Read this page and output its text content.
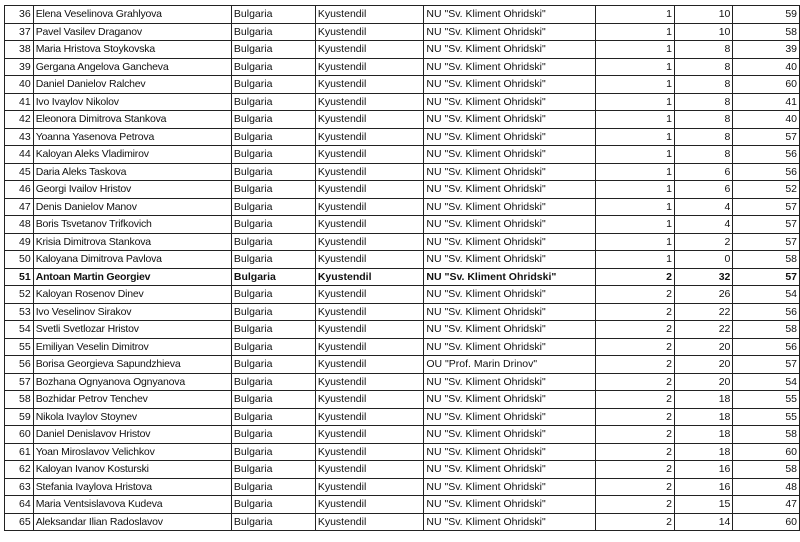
36	Elena Veselinova Grahlyova	Bulgaria	Kyustendil	NU "Sv. Kliment Ohridski"	1	10	59
37	Pavel Vasilev Draganov	Bulgaria	Kyustendil	NU "Sv. Kliment Ohridski"	1	10	58
38	Maria Hristova Stoykovska	Bulgaria	Kyustendil	NU "Sv. Kliment Ohridski"	1	8	39
39	Gergana Angelova Gancheva	Bulgaria	Kyustendil	NU "Sv. Kliment Ohridski"	1	8	40
40	Daniel Danielov Ralchev	Bulgaria	Kyustendil	NU "Sv. Kliment Ohridski"	1	8	60
41	Ivo Ivaylov Nikolov	Bulgaria	Kyustendil	NU "Sv. Kliment Ohridski"	1	8	41
42	Eleonora Dimitrova Stankova	Bulgaria	Kyustendil	NU "Sv. Kliment Ohridski"	1	8	40
43	Yoanna Yasenova Petrova	Bulgaria	Kyustendil	NU "Sv. Kliment Ohridski"	1	8	57
44	Kaloyan Aleks Vladimirov	Bulgaria	Kyustendil	NU "Sv. Kliment Ohridski"	1	8	56
45	Daria Aleks Taskova	Bulgaria	Kyustendil	NU "Sv. Kliment Ohridski"	1	6	56
46	Georgi Ivailov Hristov	Bulgaria	Kyustendil	NU "Sv. Kliment Ohridski"	1	6	52
47	Denis Danielov Manov	Bulgaria	Kyustendil	NU "Sv. Kliment Ohridski"	1	4	57
48	Boris Tsvetanov Trifkovich	Bulgaria	Kyustendil	NU "Sv. Kliment Ohridski"	1	4	57
49	Krisia Dimitrova Stankova	Bulgaria	Kyustendil	NU "Sv. Kliment Ohridski"	1	2	57
50	Kaloyana Dimitrova Pavlova	Bulgaria	Kyustendil	NU "Sv. Kliment Ohridski"	1	0	58
51	Antoan Martin Georgiev	Bulgaria	Kyustendil	NU "Sv. Kliment Ohridski"	2	32	57
52	Kaloyan Rosenov Dinev	Bulgaria	Kyustendil	NU "Sv. Kliment Ohridski"	2	26	54
53	Ivo Veselinov Sirakov	Bulgaria	Kyustendil	NU "Sv. Kliment Ohridski"	2	22	56
54	Svetli Svetlozar Hristov	Bulgaria	Kyustendil	NU "Sv. Kliment Ohridski"	2	22	58
55	Emiliyan Veselin Dimitrov	Bulgaria	Kyustendil	NU "Sv. Kliment Ohridski"	2	20	56
56	Borisa Georgieva Sapundzhieva	Bulgaria	Kyustendil	OU "Prof. Marin Drinov"	2	20	57
57	Bozhana Ognyanova Ognyanova	Bulgaria	Kyustendil	NU "Sv. Kliment Ohridski"	2	20	54
58	Bozhidar Petrov Tenchev	Bulgaria	Kyustendil	NU "Sv. Kliment Ohridski"	2	18	55
59	Nikola Ivaylov Stoynev	Bulgaria	Kyustendil	NU "Sv. Kliment Ohridski"	2	18	55
60	Daniel Denislavov Hristov	Bulgaria	Kyustendil	NU "Sv. Kliment Ohridski"	2	18	58
61	Yoan Miroslavov Velichkov	Bulgaria	Kyustendil	NU "Sv. Kliment Ohridski"	2	18	60
62	Kaloyan Ivanov Kosturski	Bulgaria	Kyustendil	NU "Sv. Kliment Ohridski"	2	16	58
63	Stefania Ivaylova Hristova	Bulgaria	Kyustendil	NU "Sv. Kliment Ohridski"	2	16	48
64	Maria Ventsislavova Kudeva	Bulgaria	Kyustendil	NU "Sv. Kliment Ohridski"	2	15	47
65	Aleksandar Ilian Radoslavov	Bulgaria	Kyustendil	NU "Sv. Kliment Ohridski"	2	14	60
